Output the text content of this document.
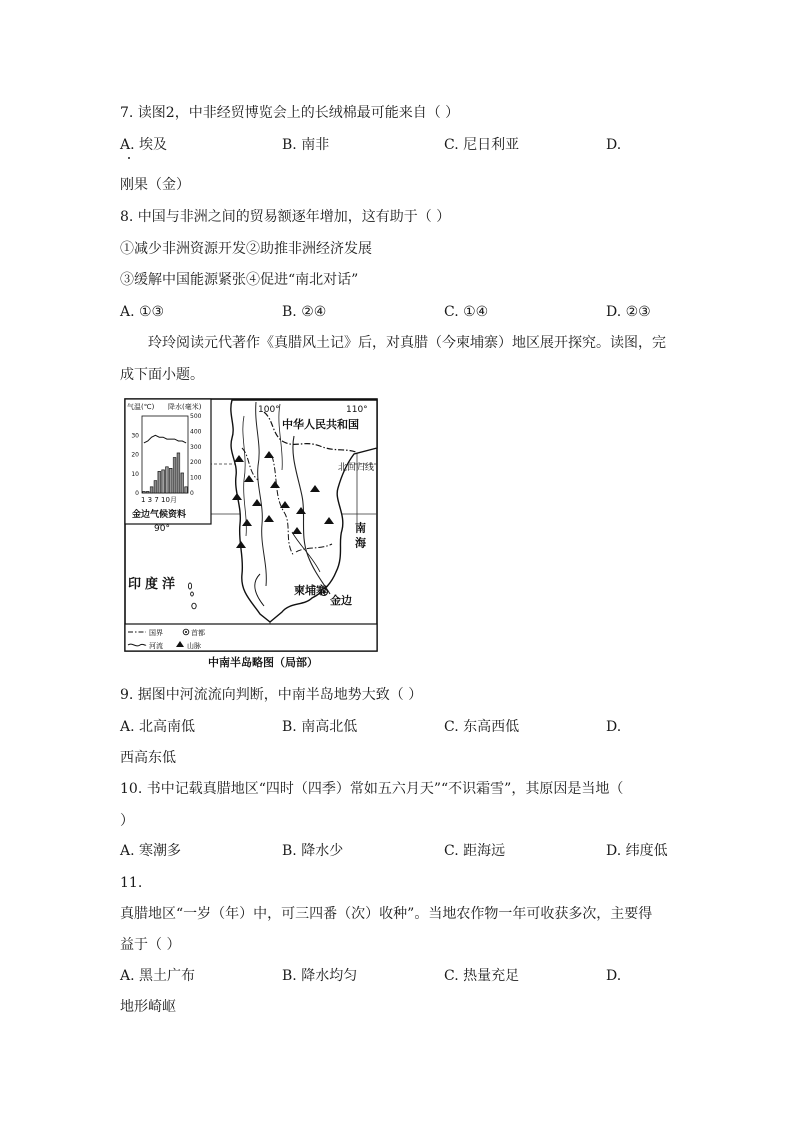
7. 读图2，中非经贸博览会上的长绒棉最可能来自（ ）
A. 埃及	B. 南非	C. 尼日利亚	D.
刚果（金）
8. 中国与非洲之间的贸易额逐年增加，这有助于（ ）
①减少非洲资源开发②助推非洲经济发展
③缓解中国能源紧张④促进“南北对话”
A. ①③	B. ②④	C. ①④	D. ②③
玲玲阅读元代著作《真腊风土记》后，对真腊（今柬埔寨）地区展开探究。读图，完
成下面小题。
100°	110°
90°
中华人民共和国
北回归线
南海
印度洋	柬埔寨
金边
气温(℃) 降水(毫米)
1 3 7 10月
金边气候资料
0
10
20
30
0
100
200
300
400
500
国界	首都
河流	山脉
中南半岛略图（局部）
9. 据图中河流流向判断，中南半岛地势大致（ ）
A. 北高南低	B. 南高北低	C. 东高西低	D.
西高东低
10. 书中记载真腊地区“四时（四季）常如五六月天”“不识霜雪”，其原因是当地（
）
A. 寒潮多	B. 降水少	C. 距海远	D. 纬度低
11.
真腊地区“一岁（年）中，可三四番（次）收种”。当地农作物一年可收获多次，主要得
益于（ ）
A. 黑土广布	B. 降水均匀	C. 热量充足	D.
地形崎岖
